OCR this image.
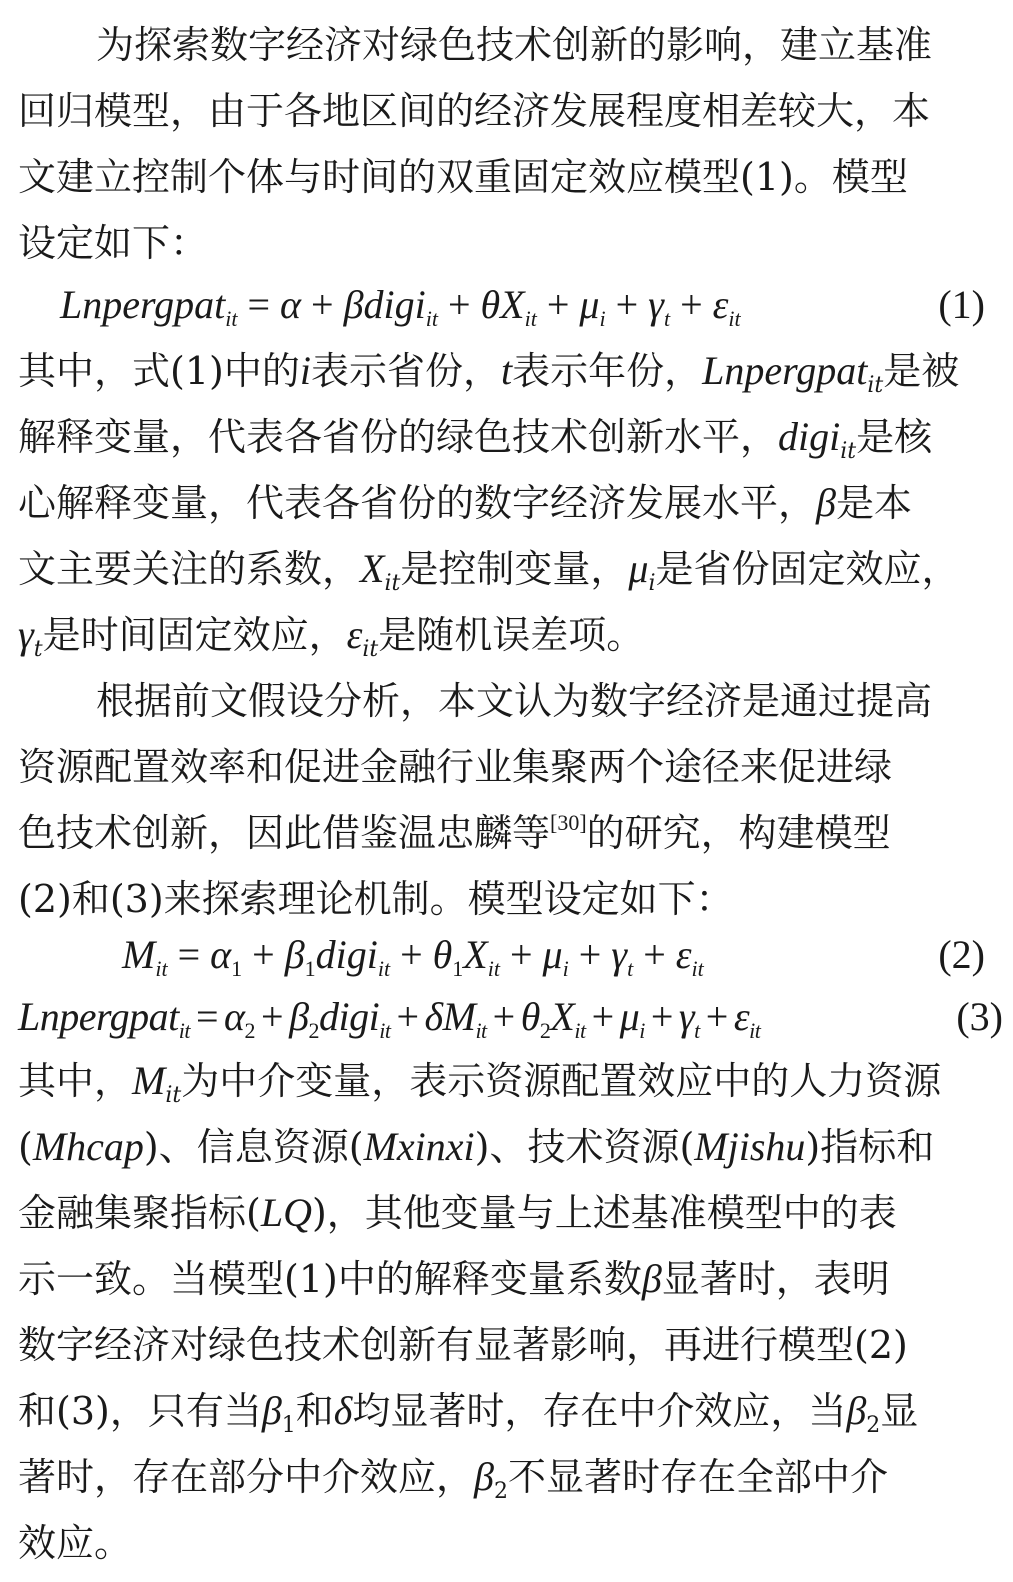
为探索数字经济对绿色技术创新的影响，建立基准
回归模型，由于各地区间的经济发展程度相差较大，本
文建立控制个体与时间的双重固定效应模型(1)。模型
设定如下：
Lnpergpat$_{it}$ = α + βdigi$_{it}$ + $\theta X_{it} + \mu_i + \gamma_t + \varepsilon_{it}$	(1)
其中，式(1)中的i表示省份，t表示年份，Lnpergpat$_{it}$是被
解释变量，代表各省份的绿色技术创新水平，digi$_{it}$是核
心解释变量，代表各省份的数字经济发展水平，β是本
文主要关注的系数，$X_{it}$是控制变量，$\mu_i$是省份固定效应，
$\gamma_t$是时间固定效应，$\varepsilon_{it}$是随机误差项。
根据前文假设分析，本文认为数字经济是通过提高
资源配置效率和促进金融行业集聚两个途径来促进绿
色技术创新，因此借鉴温忠麟等[30]的研究，构建模型
(2)和(3)来探索理论机制。模型设定如下：
$M_{it} = \alpha_1$ + $\beta_1digi_{it} + \theta_1X_{it} + \mu_i + \gamma_t + \varepsilon_{it}$	(2)
Lnpergpat$_{it}$ = $\alpha_2$ + $\beta_2digi_{it} + \delta M_{it} + \theta_2X_{it} + \mu_i + \gamma_t + \varepsilon_{it}$	(3)
其中，$M_{it}$为中介变量，表示资源配置效应中的人力资源
(Mhcap)、信息资源(Mxinxi)、技术资源(Mjishu)指标和
金融集聚指标(LQ)，其他变量与上述基准模型中的表
示一致。当模型(1)中的解释变量系数β显著时，表明
数字经济对绿色技术创新有显著影响，再进行模型(2)
和(3)，只有当$\beta_1$和δ均显著时，存在中介效应，当$\beta_2$显
著时，存在部分中介效应，$\beta_2$不显著时存在全部中介
效应。
